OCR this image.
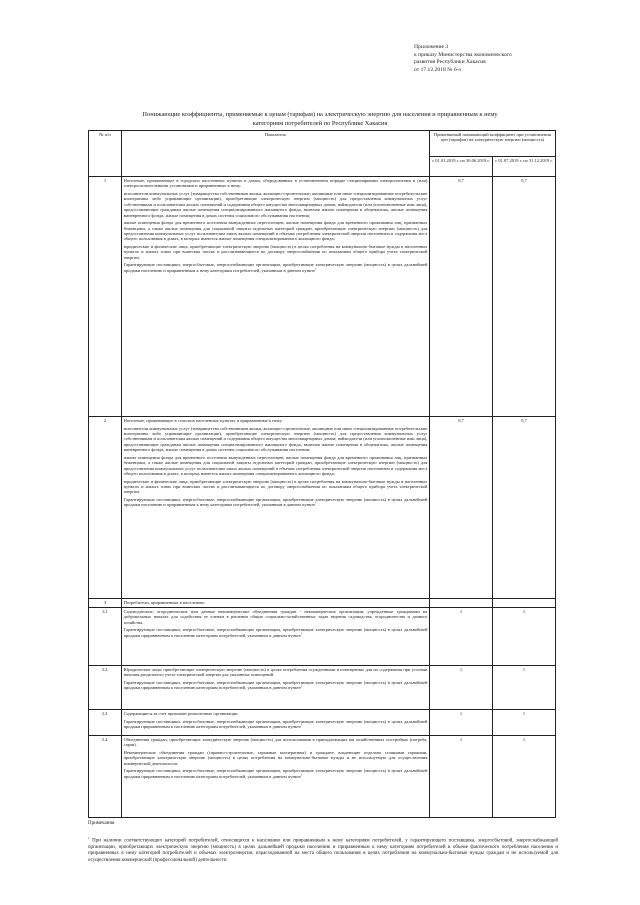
Приложение 3
к приказу Министерства экономического
развития Республики Хакасия
от 17.12.2018 № 6-э
Понижающие коэффициенты, применяемые к ценам (тарифам) на электрическую энергию для населения и приравненным к нему
категориям потребителей по Республике Хакасия
№ п/п	Показатель	Применяемый понижающий коэффициент при установлении цен (тарифов) на электрическую энергию (мощность)	
		с 01.01.2019 г. по 30.06.2019 г.	с 01.07.2019 г. по 31.12.2019 г.
1	Население, проживающее в городских населенных пунктах в домах, оборудованных в установленном порядке стационарными электроплитами и (или) электроотопительными установками и приравненные к нему:
исполнители коммунальных услуг (товарищества собственников жилья, жилищно-строительные, жилищные или иные специализированные потребительские кооперативы либо управляющие организации), приобретающие электрическую энергию (мощность) для предоставления коммунальных услуг собственникам и пользователям жилых помещений и содержания общего имущества многоквартирных домов; наймодатели (или уполномоченные ими лица), предоставляющие гражданам жилые помещения специализированного жилищного фонда, включая жилые помещения в общежитиях, жилые помещения маневренного фонда, жилые помещения в домах системы социального обслуживания населения;
жилые помещения фонда для временного поселения вынужденных переселенцев, жилые помещения фонда для временного проживания лиц, признанных беженцами, а также жилые помещения для социальной защиты отдельных категорий граждан, приобретающие электрическую энергию (мощность) для предоставления коммунальных услуг пользователям таких жилых помещений в объемах потребления электрической энергии населением и содержания мест общего пользования в домах, в которых имеются жилые помещения специализированного жилищного фонда;
юридические и физические лица, приобретающие электрическую энергию (мощность) в целях потребления на коммунально-бытовые нужды в населенных пунктах и жилых зонах при воинских частях и рассчитывающиеся по договору энергоснабжения по показаниям общего прибора учета электрической энергии.
Гарантирующие поставщики, энергосбытовые, энергоснабжающие организации, приобретающие электрическую энергию (мощность) в целях дальнейшей продажи населению и приравненным к нему категориям потребителей, указанным в данном пункте$^1$	0,7	0,7
2	Население, проживающее в сельских населенных пунктах и приравненные к нему:
исполнители коммунальных услуг (товарищества собственников жилья, жилищно-строительные, жилищные или иные специализированные потребительские кооперативы либо управляющие организации), приобретающие электрическую энергию (мощность) для предоставления коммунальных услуг собственникам и пользователям жилых помещений и содержания общего имущества многоквартирных домов; наймодатели (или уполномоченные ими лица), предоставляющие гражданам жилые помещения специализированного жилищного фонда, включая жилые помещения в общежитиях, жилые помещения маневренного фонда, жилые помещения в домах системы социального обслуживания населения;
жилые помещения фонда для временного поселения вынужденных переселенцев, жилые помещения фонда для временного проживания лиц, признанных беженцами, а также жилые помещения для социальной защиты отдельных категорий граждан, приобретающие электрическую энергию (мощность) для предоставления коммунальных услуг пользователям таких жилых помещений в объемах потребления электрической энергии населением и содержания мест общего пользования в домах, в которых имеются жилые помещения специализированного жилищного фонда;
юридические и физические лица, приобретающие электрическую энергию (мощность) в целях потребления на коммунально-бытовые нужды в населенных пунктах и жилых зонах при воинских частях и рассчитывающиеся по договору энергоснабжения по показаниям общего прибора учета электрической энергии.
Гарантирующие поставщики, энергосбытовые, энергоснабжающие организации, приобретающие электрическую энергию (мощность) в целях дальнейшей продажи населению и приравненным к нему категориям потребителей, указанным в данном пункте$^1$	0,7	0,7
3	Потребители, приравненные к населению:		

3.1	Садоводческие, огороднические или дачные некоммерческие объединения граждан - некоммерческие организации, учрежденные гражданами на добровольных началах для содействия ее членам в решении общих социально-хозяйственных задач ведения садоводства, огородничества и дачного хозяйства.
Гарантирующие поставщики, энергосбытовые, энергоснабжающие организации, приобретающие электрическую энергию (мощность) в целях дальнейшей продажи приравненным к населению категориям потребителей, указанным в данном пункте$^1$	1	1
3.2.	Юридические лица, приобретающие электрическую энергию (мощность) в целях потребления осужденными в помещениях для их содержания при условии наличия раздельного учета электрической энергии для указанных помещений.
Гарантирующие поставщики, энергосбытовые, энергоснабжающие организации, приобретающие электрическую энергию (мощность) в целях дальнейшей продажи приравненным к населению категориям потребителей, указанным в данном пункте$^1$	1	1
3.3.	Содержащиеся за счет прихожан религиозные организации.
Гарантирующие поставщики, энергосбытовые, энергоснабжающие организации, приобретающие электрическую энергию (мощность) в целях дальнейшей продажи приравненным к населению категориям потребителей, указанным в данном пункте$^1$	1	1
3.4.	Объединения граждан, приобретающих электрическую энергию (мощность) для использования в принадлежащих им хозяйственных постройках (погреба, сараи).
Некоммерческие объединения граждан (гаражно-строительные, гаражные кооперативы) и граждане, владеющие отдельно стоящими гаражами, приобретающие электрическую энергию (мощность) в целях потребления на коммунально-бытовые нужды и не используемую для осуществления коммерческой деятельности.
Гарантирующие поставщики, энергосбытовые, энергоснабжающие организации, приобретающие электрическую энергию (мощность) в целях дальнейшей продажи приравненным к населению категориям потребителей, указанным в данном пункте$^1$	1	1
Примечания
$^1$ При наличии соответствующих категорий потребителей, относящихся к населению или приравненным к нему категориям потребителей, у гарантирующего поставщика, энергосбытовой, энергоснабжающей организации, приобретающих электрическую энергию (мощность) в целях дальнейшей продажи населению и приравненным к нему категориям потребителей в объеме фактического потребления населения и приравненных к нему категорий потребителей и объемах электроэнергии, израсходованной на места общего пользования в целях потребления на коммунально-бытовые нужды граждан и не используемой для осуществления коммерческой (профессиональной) деятельности
